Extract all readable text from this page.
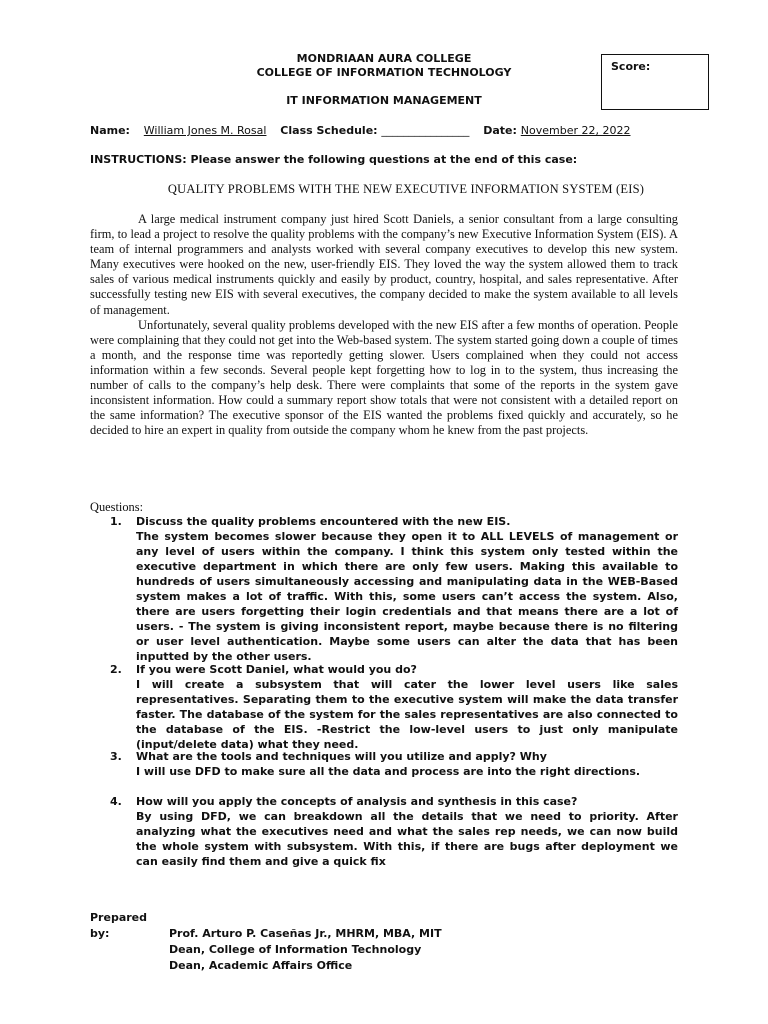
MONDRIAAN AURA COLLEGE

COLLEGE OF INFORMATION TECHNOLOGY
IT INFORMATION MANAGEMENT
Score:
Name: William Jones M. Rosal Class Schedule: ________________ Date: November 22, 2022
INSTRUCTIONS: Please answer the following questions at the end of this case:
QUALITY PROBLEMS WITH THE NEW EXECUTIVE INFORMATION SYSTEM (EIS)

A large medical instrument company just hired Scott Daniels, a senior consultant from a large consulting firm, to lead a project to resolve the quality problems with the company’s new Executive Information System (EIS). A team of internal programmers and analysts worked with several company executives to develop this new system. Many executives were hooked on the new, user-friendly EIS. They loved the way the system allowed them to track sales of various medical instruments quickly and easily by product, country, hospital, and sales representative. After successfully testing new EIS with several executives, the company decided to make the system available to all levels of management.

Unfortunately, several quality problems developed with the new EIS after a few months of operation. People were complaining that they could not get into the Web-based system. The system started going down a couple of times a month, and the response time was reportedly getting slower. Users complained when they could not access information within a few seconds. Several people kept forgetting how to log in to the system, thus increasing the number of calls to the company’s help desk. There were complaints that some of the reports in the system gave inconsistent information. How could a summary report show totals that were not consistent with a detailed report on the same information? The executive sponsor of the EIS wanted the problems fixed quickly and accurately, so he decided to hire an expert in quality from outside the company whom he knew from the past projects.

Questions:
1. Discuss the quality problems encountered with the new EIS.
The system becomes slower because they open it to ALL LEVELS of management or any level of users within the company. I think this system only tested within the executive department in which there are only few users. Making this available to hundreds of users simultaneously accessing and manipulating data in the WEB-Based system makes a lot of traffic. With this, some users can’t access the system. Also, there are users forgetting their login credentials and that means there are a lot of users. - The system is giving inconsistent report, maybe because there is no filtering or user level authentication. Maybe some users can alter the data that has been inputted by the other users.
2. If you were Scott Daniel, what would you do?
I will create a subsystem that will cater the lower level users like sales representatives. Separating them to the executive system will make the data transfer faster. The database of the system for the sales representatives are also connected to the database of the EIS. -Restrict the low-level users to just only manipulate (input/delete data) what they need.
3. What are the tools and techniques will you utilize and apply? Why
I will use DFD to make sure all the data and process are into the right directions.
4. How will you apply the concepts of analysis and synthesis in this case?
By using DFD, we can breakdown all the details that we need to priority. After analyzing what the executives need and what the sales rep needs, we can now build the whole system with subsystem. With this, if there are bugs after deployment we can easily find them and give a quick fix
Prepared by:	Prof. Arturo P. Caseñas Jr., MHRM, MBA, MIT
Dean, College of Information Technology
Dean, Academic Affairs Office
